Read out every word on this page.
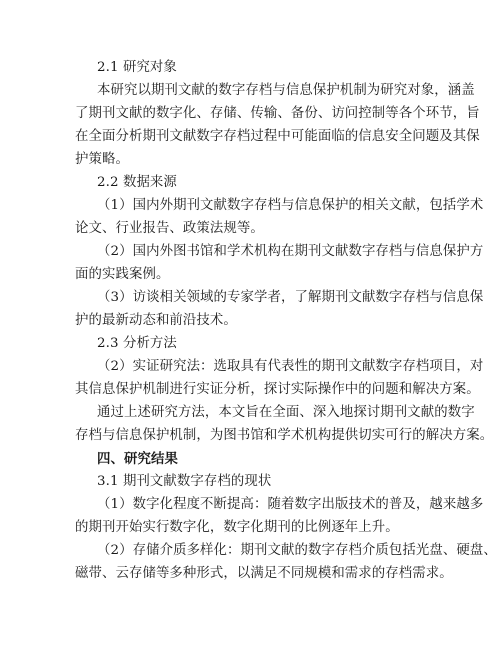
2.1 研究对象
本研究以期刊文献的数字存档与信息保护机制为研究对象，涵盖
了期刊文献的数字化、存储、传输、备份、访问控制等各个环节，旨
在全面分析期刊文献数字存档过程中可能面临的信息安全问题及其保
护策略。
2.2 数据来源
（1）国内外期刊文献数字存档与信息保护的相关文献，包括学术
论文、行业报告、政策法规等。
（2）国内外图书馆和学术机构在期刊文献数字存档与信息保护方
面的实践案例。
（3）访谈相关领域的专家学者，了解期刊文献数字存档与信息保
护的最新动态和前沿技术。
2.3 分析方法
（2）实证研究法：选取具有代表性的期刊文献数字存档项目，对
其信息保护机制进行实证分析，探讨实际操作中的问题和解决方案。
通过上述研究方法，本文旨在全面、深入地探讨期刊文献的数字
存档与信息保护机制，为图书馆和学术机构提供切实可行的解决方案。
四、研究结果
3.1 期刊文献数字存档的现状
（1）数字化程度不断提高：随着数字出版技术的普及，越来越多
的期刊开始实行数字化，数字化期刊的比例逐年上升。
（2）存储介质多样化：期刊文献的数字存档介质包括光盘、硬盘、
磁带、云存储等多种形式，以满足不同规模和需求的存档需求。
